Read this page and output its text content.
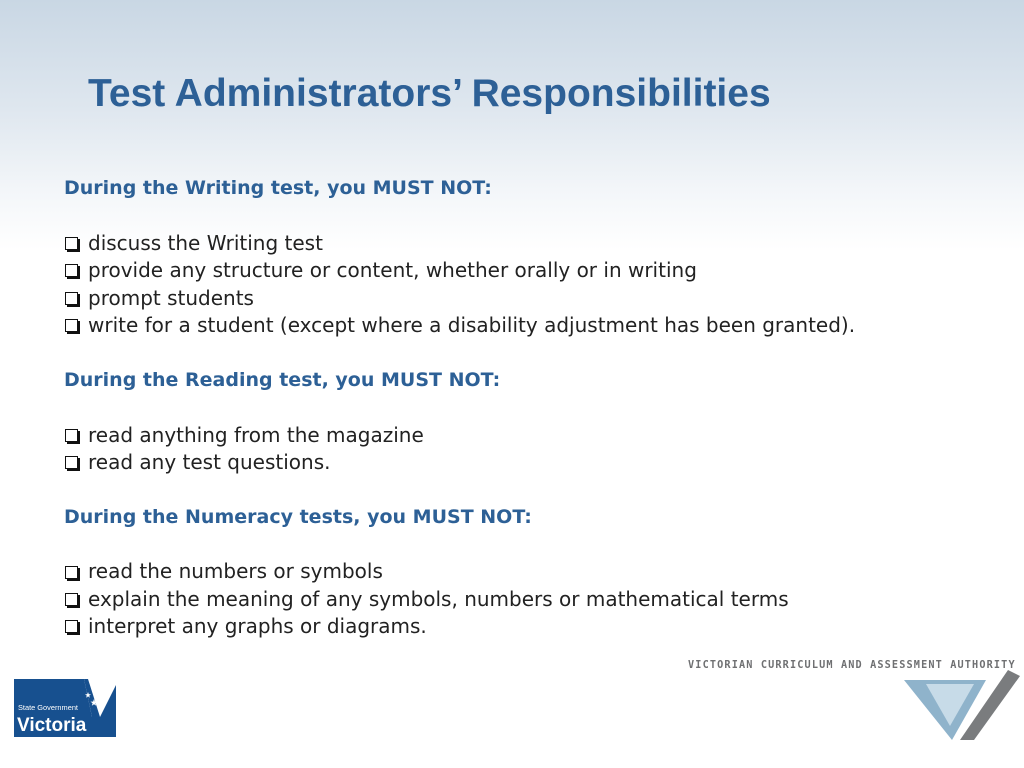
Test Administrators’ Responsibilities
During the Writing test, you MUST NOT:
discuss the Writing test
provide any structure or content, whether orally or in writing
prompt students
write for a student (except where a disability adjustment has been granted).
During the Reading test, you MUST NOT:
read anything from the magazine
read any test questions.
During the Numeracy tests, you MUST NOT:
read the numbers or symbols
explain the meaning of any symbols, numbers or mathematical terms
interpret any graphs or diagrams.
State Government
Victoria
VICTORIAN CURRICULUM AND ASSESSMENT AUTHORITY
